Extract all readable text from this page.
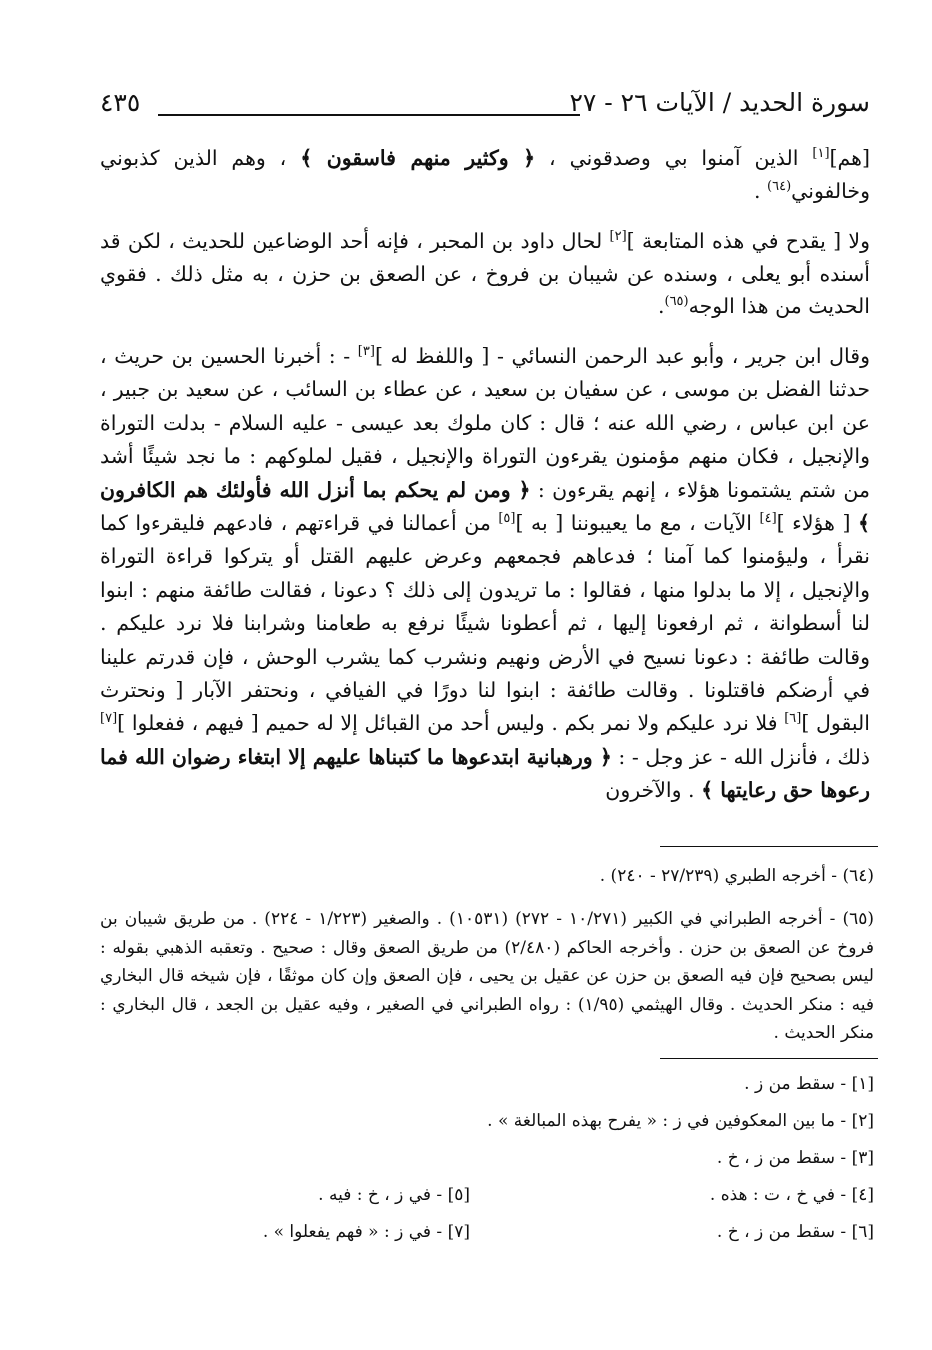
سورة الحديد / الآيات ٢٦ - ٢٧
٤٣٥
[هم][١] الذين آمنوا بي وصدقوني ، ﴿ وكثير منهم فاسقون ﴾ ، وهم الذين كذبوني وخالفوني$^{(٦٤)}$ .
ولا [ يقدح في هذه المتابعة ][٢] لحال داود بن المحبر ، فإنه أحد الوضاعين للحديث ، لكن قد أسنده أبو يعلى ، وسنده عن شيبان بن فروخ ، عن الصعق بن حزن ، به مثل ذلك . فقوي الحديث من هذا الوجه$^{(٦٥)}$.
وقال ابن جرير ، وأبو عبد الرحمن النسائي - [ واللفظ له ][٣] - : أخبرنا الحسين بن حريث ، حدثنا الفضل بن موسى ، عن سفيان بن سعيد ، عن عطاء بن السائب ، عن سعيد بن جبير ، عن ابن عباس ، رضي الله عنه ؛ قال : كان ملوك بعد عيسى - عليه السلام - بدلت التوراة والإنجيل ، فكان منهم مؤمنون يقرءون التوراة والإنجيل ، فقيل لملوكهم : ما نجد شيئًا أشد من شتم يشتمونا هؤلاء ، إنهم يقرءون : ﴿ ومن لم يحكم بما أنزل الله فأولئك هم الكافرون ﴾ [ هؤلاء ][٤] الآيات ، مع ما يعيبوننا [ به ][٥] من أعمالنا في قراءتهم ، فادعهم فليقرءوا كما نقرأ ، وليؤمنوا كما آمنا ؛ فدعاهم فجمعهم وعرض عليهم القتل أو يتركوا قراءة التوراة والإنجيل ، إلا ما بدلوا منها ، فقالوا : ما تريدون إلى ذلك ؟ دعونا ، فقالت طائفة منهم : ابنوا لنا أسطوانة ، ثم ارفعونا إليها ، ثم أعطونا شيئًا نرفع به طعامنا وشرابنا فلا نرد عليكم . وقالت طائفة : دعونا نسيح في الأرض ونهيم ونشرب كما يشرب الوحش ، فإن قدرتم علينا في أرضكم فاقتلونا . وقالت طائفة : ابنوا لنا دورًا في الفيافي ، ونحتفر الآبار [ ونحترث البقول ][٦] فلا نرد عليكم ولا نمر بكم . وليس أحد من القبائل إلا له حميم [ فيهم ، ففعلوا ][٧] ذلك ، فأنزل الله - عز وجل - : ﴿ ورهبانية ابتدعوها ما كتبناها عليهم إلا ابتغاء رضوان الله فما رعوها حق رعايتها ﴾ . والآخرون
(٦٤) - أخرجه الطبري (٢٧/٢٣٩ - ٢٤٠) .
(٦٥) - أخرجه الطبراني في الكبير (١٠/٢٧١ - ٢٧٢) (١٠٥٣١) . والصغير (١/٢٢٣ - ٢٢٤) . من طريق شيبان بن فروخ عن الصعق بن حزن . وأخرجه الحاكم (٢/٤٨٠) من طريق الصعق وقال : صحيح . وتعقبه الذهبي بقوله : ليس بصحيح فإن فيه الصعق بن حزن عن عقيل بن يحيى ، فإن الصعق وإن كان موثقًا ، فإن شيخه قال البخاري فيه : منكر الحديث . وقال الهيثمي (١/٩٥) : رواه الطبراني في الصغير ، وفيه عقيل بن الجعد ، قال البخاري : منكر الحديث .
[١] - سقط من ز .
[٢] - ما بين المعكوفين في ز : « يفرح بهذه المبالغة » .
[٣] - سقط من ز ، خ .
[٤] - في خ ، ت : هذه .
[٥] - في ز ، خ : فيه .
[٦] - سقط من ز ، خ .
[٧] - في ز : « فهم يفعلوا » .
